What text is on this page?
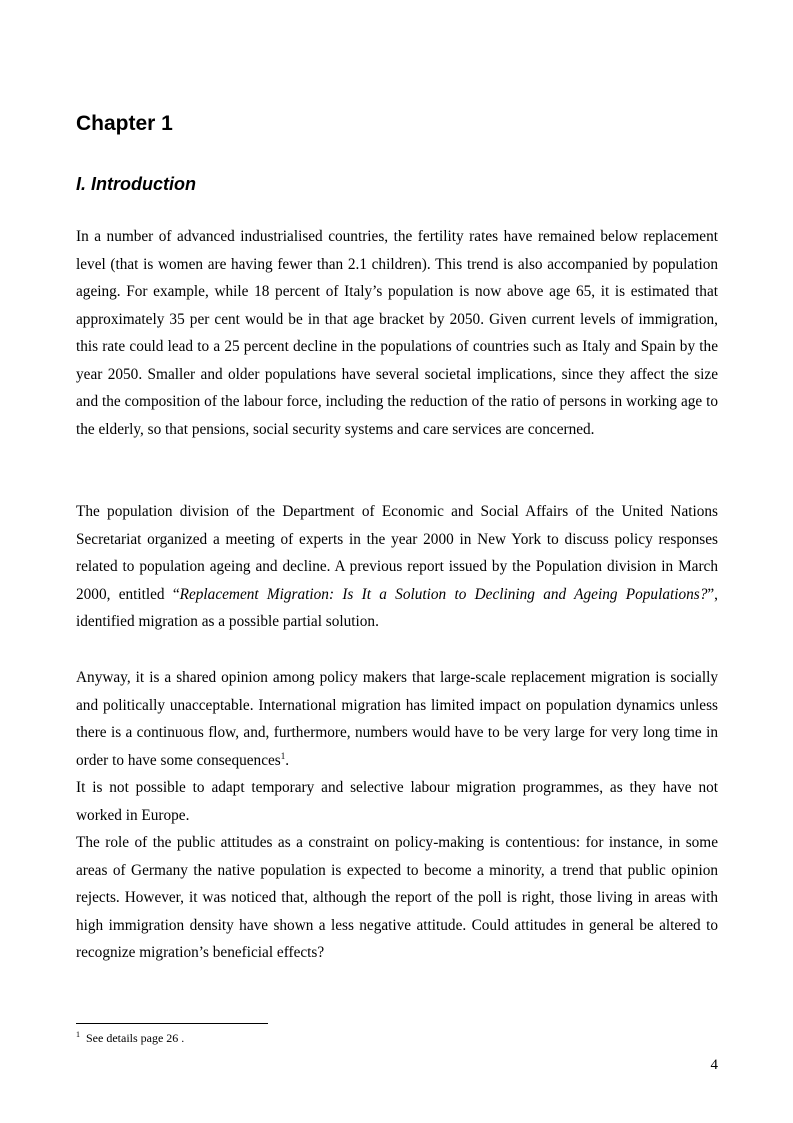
Chapter 1
I. Introduction

In a number of advanced industrialised countries, the fertility rates have remained below replacement level (that is women are having fewer than 2.1 children). This trend is also accompanied by population ageing. For example, while 18 percent of Italy’s population is now above age 65, it is estimated that approximately 35 per cent would be in that age bracket by 2050. Given current levels of immigration, this rate could lead to a 25 percent decline in the populations of countries such as Italy and Spain by the year 2050. Smaller and older populations have several societal implications, since they affect the size and the composition of the labour force, including the reduction of the ratio of persons in working age to the elderly, so that pensions, social security systems and care services are concerned.

The population division of the Department of Economic and Social Affairs of the United Nations Secretariat organized a meeting of experts in the year 2000 in New York to discuss policy responses related to population ageing and decline. A previous report issued by the Population division in March 2000, entitled “Replacement Migration: Is It a Solution to Declining and Ageing Populations?”, identified migration as a possible partial solution.

Anyway, it is a shared opinion among policy makers that large-scale replacement migration is socially and politically unacceptable. International migration has limited impact on population dynamics unless there is a continuous flow, and, furthermore, numbers would have to be very large for very long time in order to have some consequences$^1$.

It is not possible to adapt temporary and selective labour migration programmes, as they have not worked in Europe.

The role of the public attitudes as a constraint on policy-making is contentious: for instance, in some areas of Germany the native population is expected to become a minority, a trend that public opinion rejects. However, it was noticed that, although the report of the poll is right, those living in areas with high immigration density have shown a less negative attitude. Could attitudes in general be altered to recognize migration’s beneficial effects?

$^1$ See details page 26 .

4
